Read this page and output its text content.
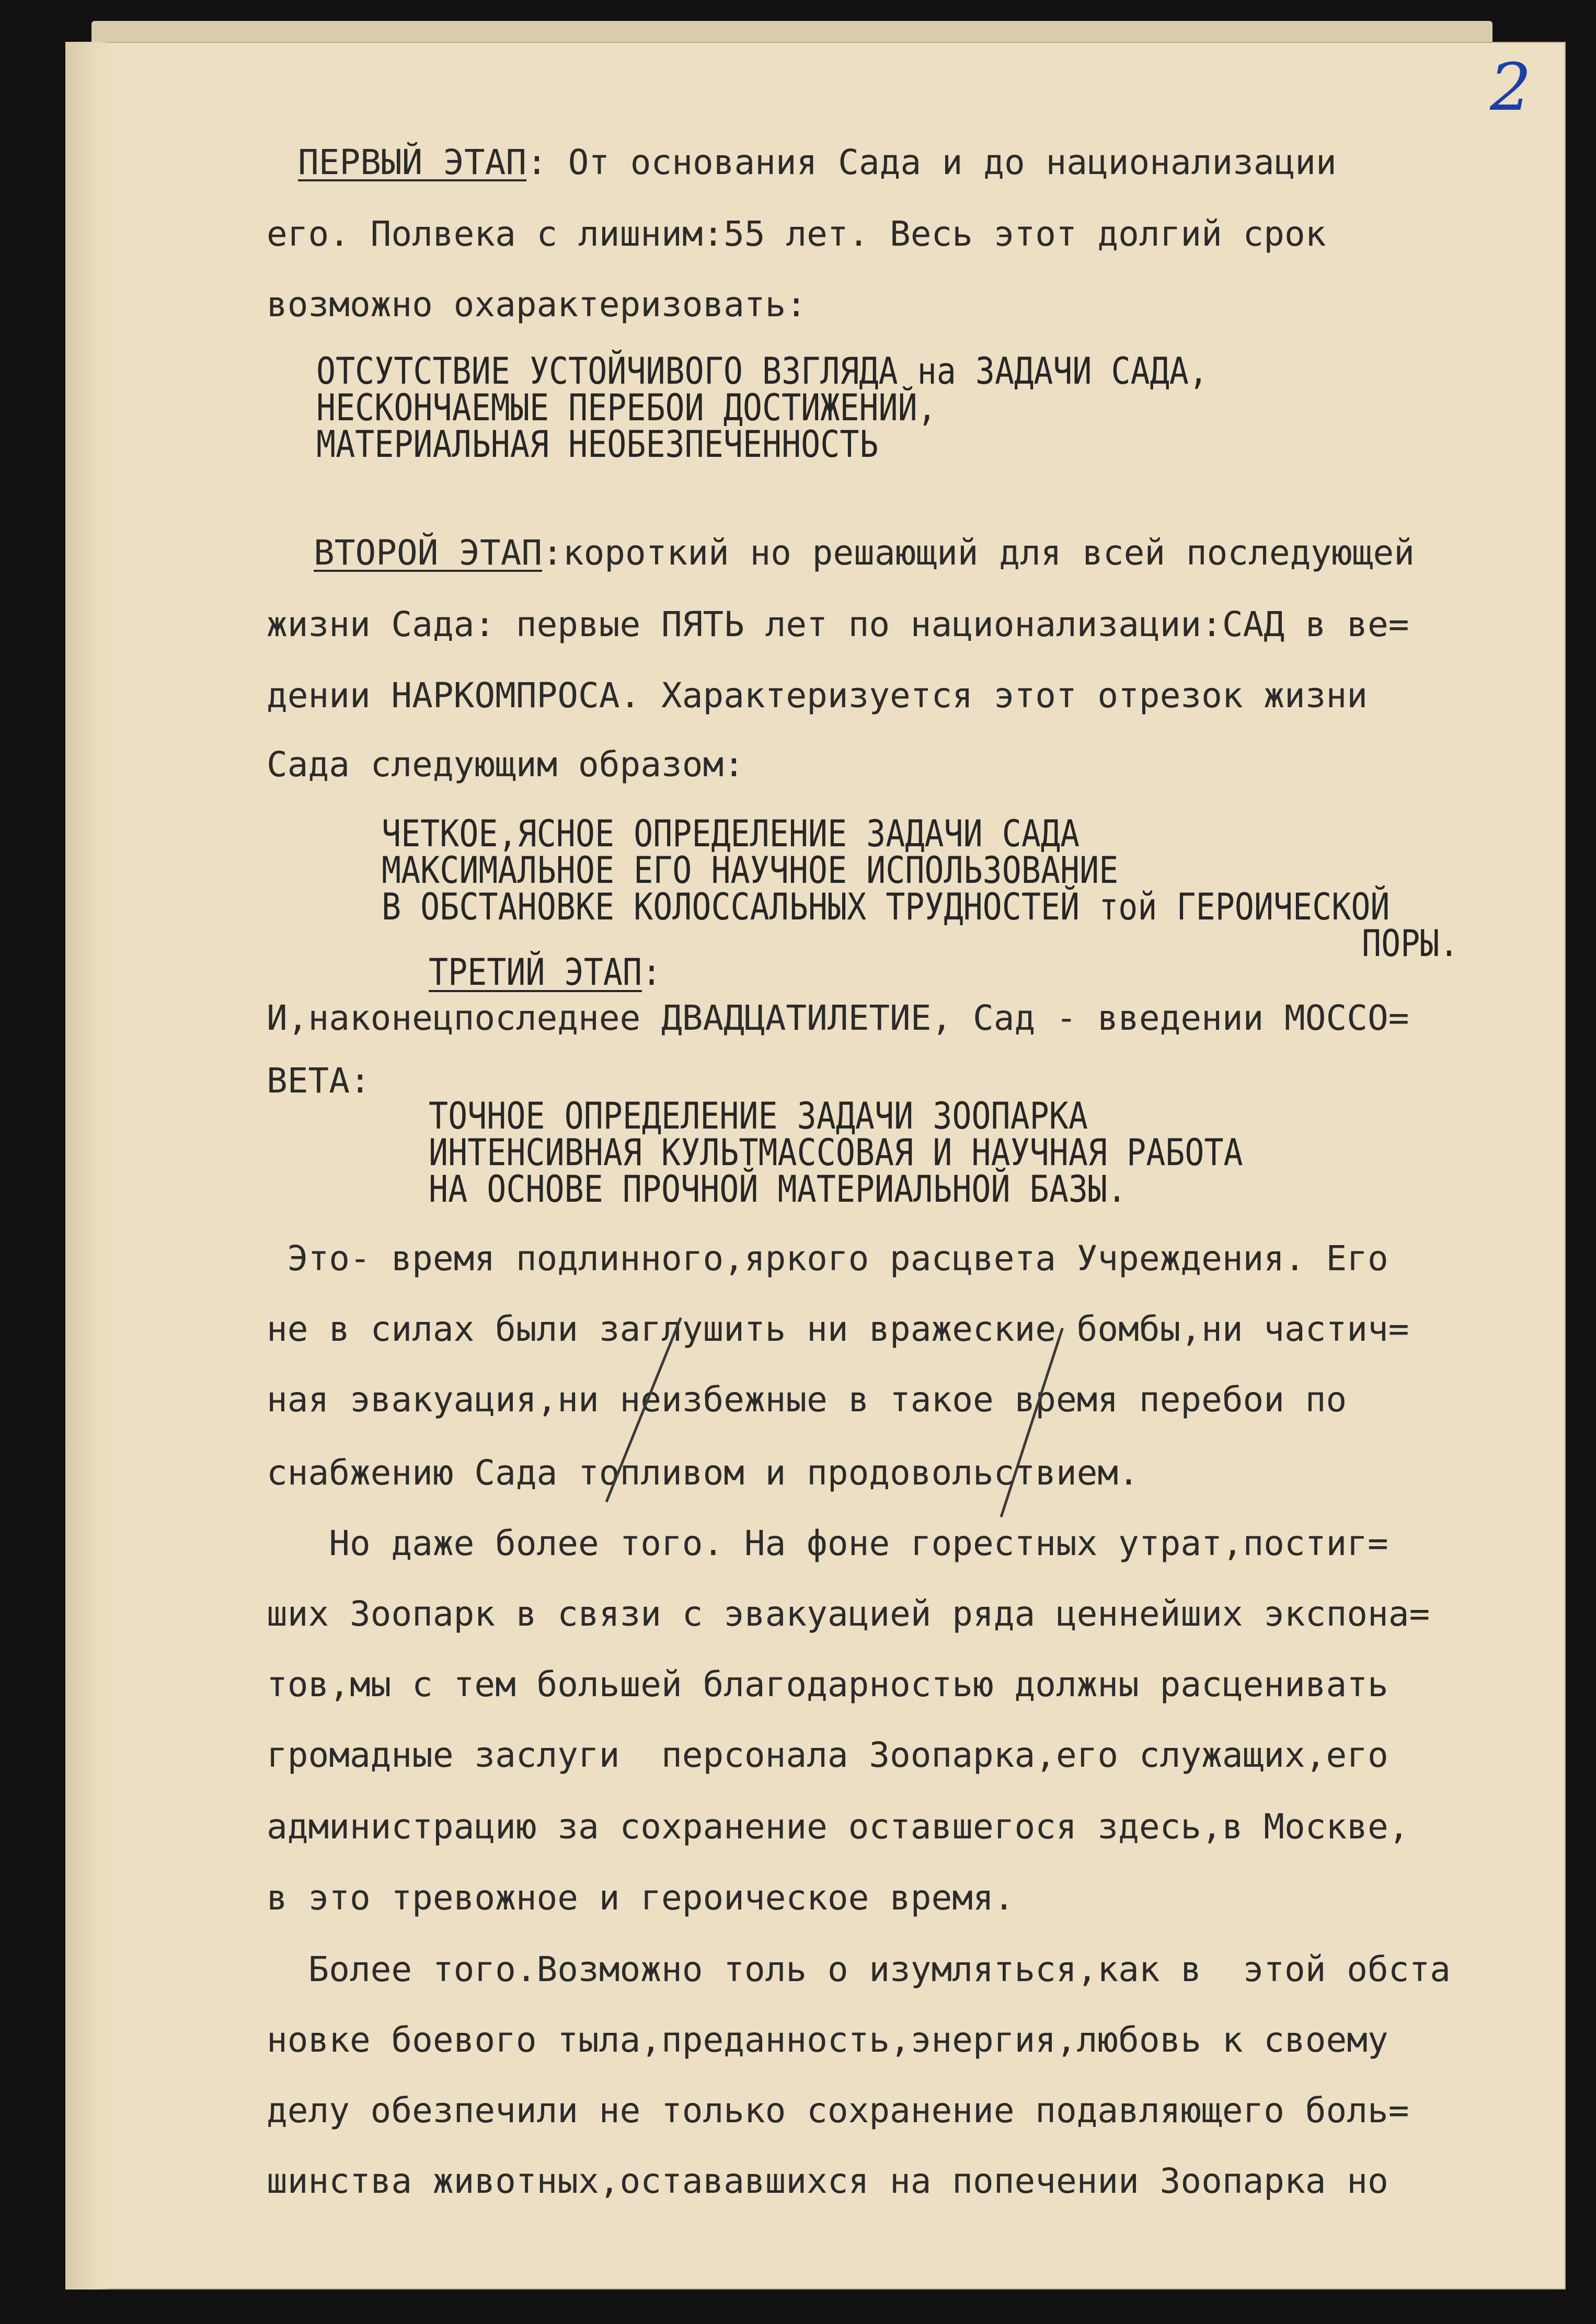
2
ПЕРВЫЙ ЭТАП: От основания Сада и до национализации
его. Полвека с лишним:55 лет. Весь этот долгий срок
возможно охарактеризовать:
ОТСУТСТВИЕ УСТОЙЧИВОГО ВЗГЛЯДА на ЗАДАЧИ САДА,
НЕСКОНЧАЕМЫЕ ПЕРЕБОИ ДОСТИЖЕНИЙ,
МАТЕРИАЛЬНАЯ НЕОБЕЗПЕЧЕННОСТЬ
ВТОРОЙ ЭТАП:короткий но решающий для всей последующей
жизни Сада: первые ПЯТЬ лет по национализации:САД в ве=
дении НАРКОМПРОСА. Характеризуется этот отрезок жизни
Сада следующим образом:
ЧЕТКОЕ,ЯСНОЕ ОПРЕДЕЛЕНИЕ ЗАДАЧИ САДА
МАКСИМАЛЬНОЕ ЕГО НАУЧНОЕ ИСПОЛЬЗОВАНИЕ
В ОБСТАНОВКЕ КОЛОССАЛЬНЫХ ТРУДНОСТЕЙ той ГЕРОИЧЕСКОЙ
ПОРЫ.
ТРЕТИЙ ЭТАП:
И,наконецпоследнее ДВАДЦАТИЛЕТИЕ, Сад - введении МОССО=
ВЕТА:
ТОЧНОЕ ОПРЕДЕЛЕНИЕ ЗАДАЧИ ЗООПАРКА
ИНТЕНСИВНАЯ КУЛЬТМАССОВАЯ И НАУЧНАЯ РАБОТА
НА ОСНОВЕ ПРОЧНОЙ МАТЕРИАЛЬНОЙ БАЗЫ.
Это- время подлинного,яркого расцвета Учреждения. Его
не в силах были заглушить ни вражеские бомбы,ни частич=
ная эвакуация,ни неизбежные в такое время перебои по
снабжению Сада топливом и продовольствием.
Но даже более того. На фоне горестных утрат,постиг=
ших Зоопарк в связи с эвакуацией ряда ценнейших экспона=
тов,мы с тем большей благодарностью должны расценивать
громадные заслуги  персонала Зоопарка,его служащих,его
администрацию за сохранение оставшегося здесь,в Москве,
в это тревожное и героическое время.
Более того.Возможно толь о изумляться,как в  этой обста
новке боевого тыла,преданность,энергия,любовь к своему
делу обезпечили не только сохранение подавляющего боль=
шинства животных,остававшихся на попечении Зоопарка но
